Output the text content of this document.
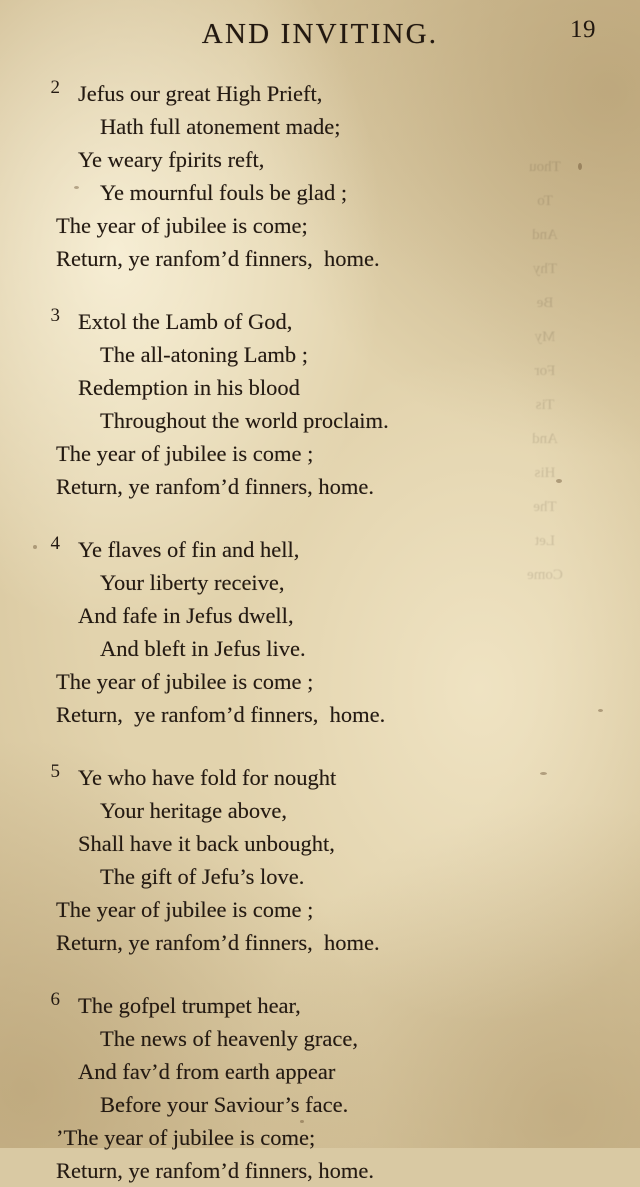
Thou
To
And
Thy
Be
My
For
Tis
And
His
The
Let
Come
AND INVITING.	19
2 Jefus our great High Prieft,
Hath full atonement made;
Ye weary fpirits reft,
Ye mournful fouls be glad ;
The year of jubilee is come;
Return, ye ranfom’d finners,  home.
3 Extol the Lamb of God,
The all-atoning Lamb ;
Redemption in his blood
Throughout the world proclaim.
The year of jubilee is come ;
Return, ye ranfom’d finners, home.
4 Ye flaves of fin and hell,
Your liberty receive,
And fafe in Jefus dwell,
And bleft in Jefus live.
The year of jubilee is come ;
Return,  ye ranfom’d finners,  home.
5 Ye who have fold for nought
Your heritage above,
Shall have it back unbought,
The gift of Jefu’s love.
The year of jubilee is come ;
Return, ye ranfom’d finners,  home.
6 The gofpel trumpet hear,
The news of heavenly grace,
And fav’d from earth appear
Before your Saviour’s face.
’The year of jubilee is come;
Return, ye ranfom’d finners, home.
